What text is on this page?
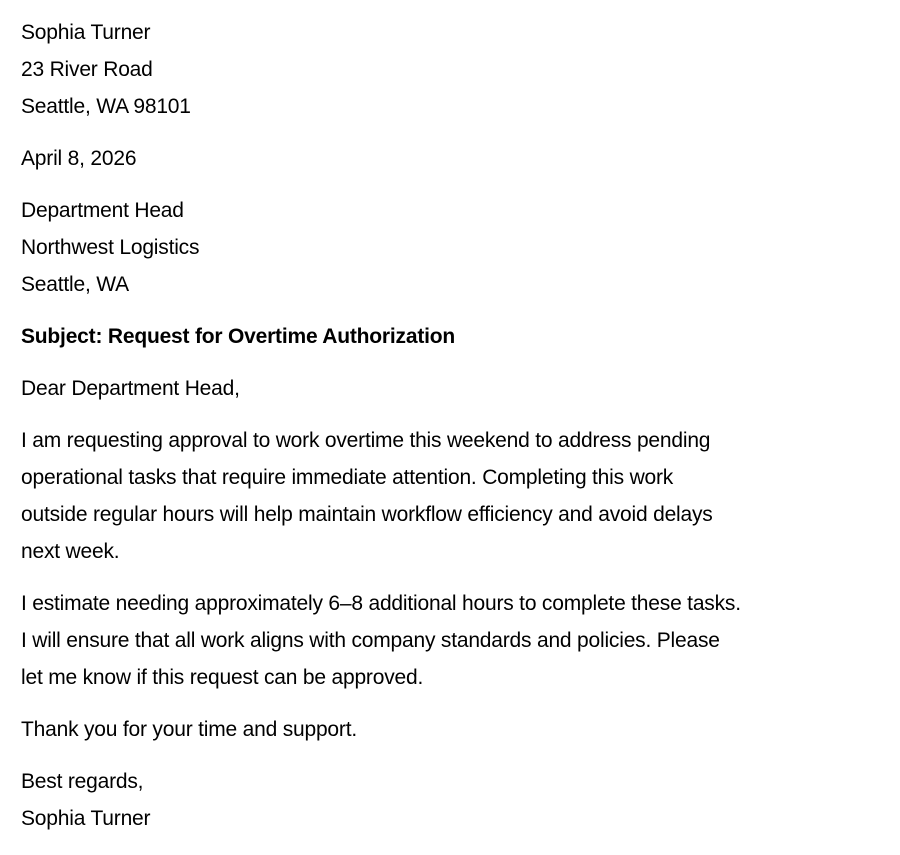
Sophia Turner
23 River Road
Seattle, WA 98101
April 8, 2026
Department Head
Northwest Logistics
Seattle, WA
Subject: Request for Overtime Authorization
Dear Department Head,
I am requesting approval to work overtime this weekend to address pending
operational tasks that require immediate attention. Completing this work
outside regular hours will help maintain workflow efficiency and avoid delays
next week.
I estimate needing approximately 6–8 additional hours to complete these tasks.
I will ensure that all work aligns with company standards and policies. Please
let me know if this request can be approved.
Thank you for your time and support.
Best regards,
Sophia Turner
